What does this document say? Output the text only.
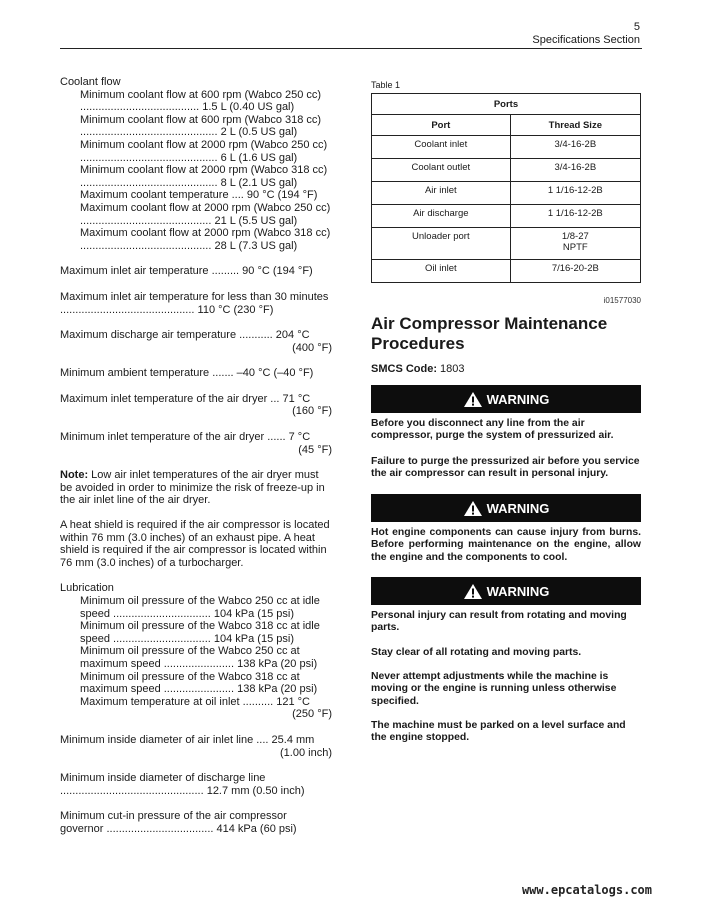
5
Specifications Section

Coolant flow

Minimum coolant flow at 600 rpm (Wabco 250 cc) ....................................... 1.5 L (0.40 US gal)

Minimum coolant flow at 600 rpm (Wabco 318 cc) ............................................. 2 L (0.5 US gal)

Minimum coolant flow at 2000 rpm (Wabco 250 cc) ............................................. 6 L (1.6 US gal)

Minimum coolant flow at 2000 rpm (Wabco 318 cc) ............................................. 8 L (2.1 US gal)

Maximum coolant temperature .... 90 °C (194 °F)

Maximum coolant flow at 2000 rpm (Wabco 250 cc) ........................................... 21 L (5.5 US gal)

Maximum coolant flow at 2000 rpm (Wabco 318 cc) ........................................... 28 L (7.3 US gal)

Maximum inlet air temperature ......... 90 °C (194 °F)

Maximum inlet air temperature for less than 30 minutes ............................................ 110 °C (230 °F)

Maximum discharge air temperature ........... 204 °C

(400 °F)

Minimum ambient temperature ....... –40 °C (–40 °F)

Maximum inlet temperature of the air dryer ... 71 °C

(160 °F)

Minimum inlet temperature of the air dryer ...... 7 °C

(45 °F)

Note: Low air inlet temperatures of the air dryer must be avoided in order to minimize the risk of freeze-up in the air inlet line of the air dryer.

A heat shield is required if the air compressor is located within 76 mm (3.0 inches) of an exhaust pipe. A heat shield is required if the air compressor is located within 76 mm (3.0 inches) of a turbocharger.

Lubrication

Minimum oil pressure of the Wabco 250 cc at idle speed ................................ 104 kPa (15 psi)

Minimum oil pressure of the Wabco 318 cc at idle speed ................................ 104 kPa (15 psi)

Minimum oil pressure of the Wabco 250 cc at maximum speed ....................... 138 kPa (20 psi)

Minimum oil pressure of the Wabco 318 cc at maximum speed ....................... 138 kPa (20 psi)

Maximum temperature at oil inlet .......... 121 °C

(250 °F)

Minimum inside diameter of air inlet line .... 25.4 mm

(1.00 inch)

Minimum inside diameter of discharge line ............................................... 12.7 mm (0.50 inch)

Minimum cut-in pressure of the air compressor governor ................................... 414 kPa (60 psi)

Table 1

Ports	
Port	Thread Size
Coolant inlet	3/4-16-2B
Coolant outlet	3/4-16-2B
Air inlet	1 1/16-12-2B
Air discharge	1 1/16-12-2B
Unloader port	1/8-27
NPTF

Oil inlet	7/16-20-2B
i01577030
Air Compressor Maintenance Procedures

SMCS Code: 1803

WARNING

Before you disconnect any line from the air compressor, purge the system of pressurized air.

Failure to purge the pressurized air before you service the air compressor can result in personal injury.

WARNING

Hot engine components can cause injury from burns. Before performing maintenance on the engine, allow the engine and the components to cool.

WARNING

Personal injury can result from rotating and moving parts.

Stay clear of all rotating and moving parts.

Never attempt adjustments while the machine is moving or the engine is running unless otherwise specified.

The machine must be parked on a level surface and the engine stopped.

www.epcatalogs.com
